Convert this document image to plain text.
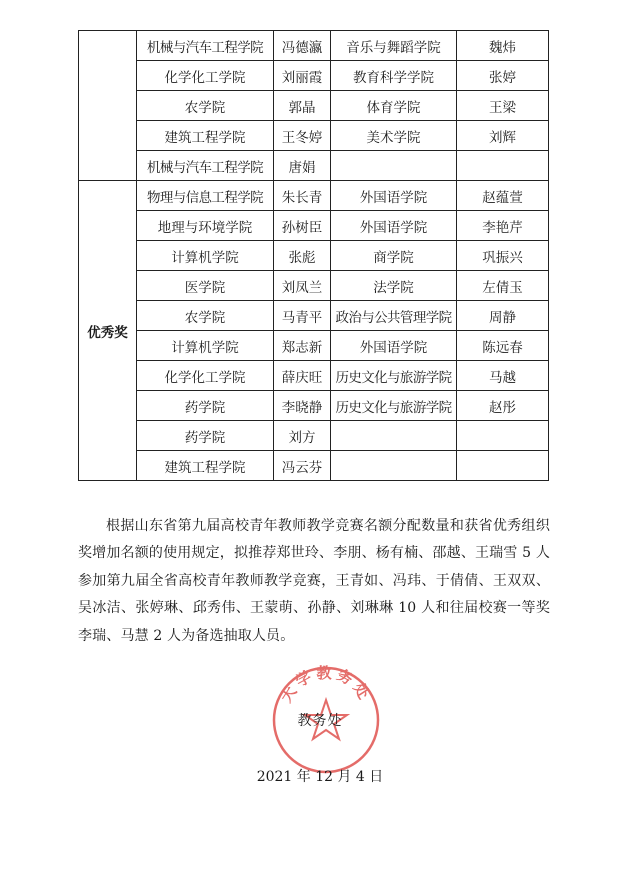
	机械与汽车工程学院	冯德瀛	音乐与舞蹈学院	魏炜
	化学化工学院	刘丽霞	教育科学学院	张婷
	农学院	郭晶	体育学院	王梁
	建筑工程学院	王冬婷	美术学院	刘辉
	机械与汽车工程学院	唐娟		
优秀奖	物理与信息工程学院	朱长青	外国语学院	赵蕴萱
	地理与环境学院	孙树臣	外国语学院	李艳芹
	计算机学院	张彪	商学院	巩振兴
	医学院	刘凤兰	法学院	左倩玉
	农学院	马青平	政治与公共管理学院	周静
	计算机学院	郑志新	外国语学院	陈远春
	化学化工学院	薛庆旺	历史文化与旅游学院	马越
	药学院	李晓静	历史文化与旅游学院	赵彤
	药学院	刘方		
	建筑工程学院	冯云芬		

根据山东省第九届高校青年教师教学竞赛名额分配数量和获省优秀组织奖增加名额的使用规定，拟推荐郑世玲、李朋、杨有楠、邵越、王瑞雪 5 人参加第九届全省高校青年教师教学竞赛，王青如、冯玮、于倩倩、王双双、吴冰洁、张婷琳、邱秀伟、王蒙萌、孙静、刘琳琳 10 人和往届校赛一等奖李瑞、马慧 2 人为备选抽取人员。

大学教务处
教务处
2021 年 12 月 4 日
